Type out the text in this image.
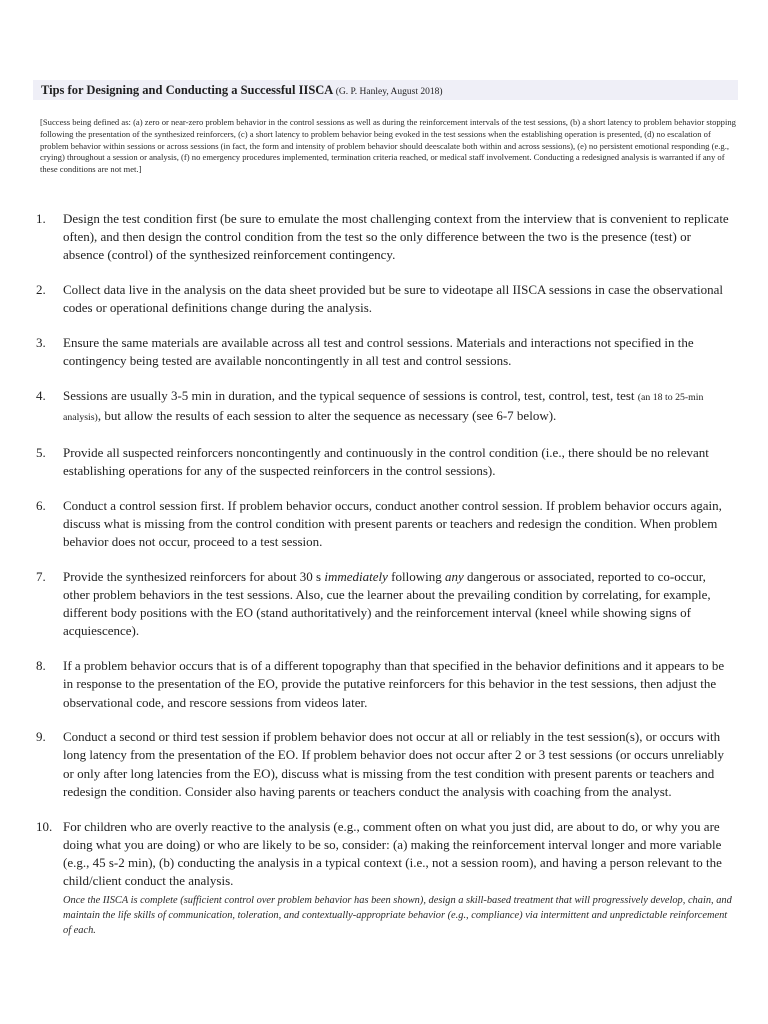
Tips for Designing and Conducting a Successful IISCA (G. P. Hanley, August 2018)
[Success being defined as: (a) zero or near-zero problem behavior in the control sessions as well as during the reinforcement intervals of the test sessions, (b) a short latency to problem behavior stopping following the presentation of the synthesized reinforcers, (c) a short latency to problem behavior being evoked in the test sessions when the establishing operation is presented, (d) no escalation of problem behavior within sessions or across sessions (in fact, the form and intensity of problem behavior should deescalate both within and across sessions), (e) no persistent emotional responding (e.g., crying) throughout a session or analysis, (f) no emergency procedures implemented, termination criteria reached, or medical staff involvement. Conducting a redesigned analysis is warranted if any of these conditions are not met.]
1.	Design the test condition first (be sure to emulate the most challenging context from the interview that is convenient to replicate often), and then design the control condition from the test so the only difference between the two is the presence (test) or absence (control) of the synthesized reinforcement contingency.
2.	Collect data live in the analysis on the data sheet provided but be sure to videotape all IISCA sessions in case the observational codes or operational definitions change during the analysis.
3.	Ensure the same materials are available across all test and control sessions. Materials and interactions not specified in the contingency being tested are available noncontingently in all test and control sessions.
4.	Sessions are usually 3-5 min in duration, and the typical sequence of sessions is control, test, control, test, test (an 18 to 25-min analysis), but allow the results of each session to alter the sequence as necessary (see 6-7 below).
5.	Provide all suspected reinforcers noncontingently and continuously in the control condition (i.e., there should be no relevant establishing operations for any of the suspected reinforcers in the control sessions).
6.	Conduct a control session first. If problem behavior occurs, conduct another control session. If problem behavior occurs again, discuss what is missing from the control condition with present parents or teachers and redesign the condition. When problem behavior does not occur, proceed to a test session.
7.	Provide the synthesized reinforcers for about 30 s immediately following any dangerous or associated, reported to co-occur, other problem behaviors in the test sessions. Also, cue the learner about the prevailing condition by correlating, for example, different body positions with the EO (stand authoritatively) and the reinforcement interval (kneel while showing signs of acquiescence).
8.	If a problem behavior occurs that is of a different topography than that specified in the behavior definitions and it appears to be in response to the presentation of the EO, provide the putative reinforcers for this behavior in the test sessions, then adjust the observational code, and rescore sessions from videos later.
9.	Conduct a second or third test session if problem behavior does not occur at all or reliably in the test session(s), or occurs with long latency from the presentation of the EO. If problem behavior does not occur after 2 or 3 test sessions (or occurs unreliably or only after long latencies from the EO), discuss what is missing from the test condition with present parents or teachers and redesign the condition. Consider also having parents or teachers conduct the analysis with coaching from the analyst.
10. For children who are overly reactive to the analysis (e.g., comment often on what you just did, are about to do, or why you are doing what you are doing) or who are likely to be so, consider: (a) making the reinforcement interval longer and more variable (e.g., 45 s-2 min), (b) conducting the analysis in a typical context (i.e., not a session room), and having a person relevant to the child/client conduct the analysis.
Once the IISCA is complete (sufficient control over problem behavior has been shown), design a skill-based treatment that will progressively develop, chain, and maintain the life skills of communication, toleration, and contextually-appropriate behavior (e.g., compliance) via intermittent and unpredictable reinforcement of each.
